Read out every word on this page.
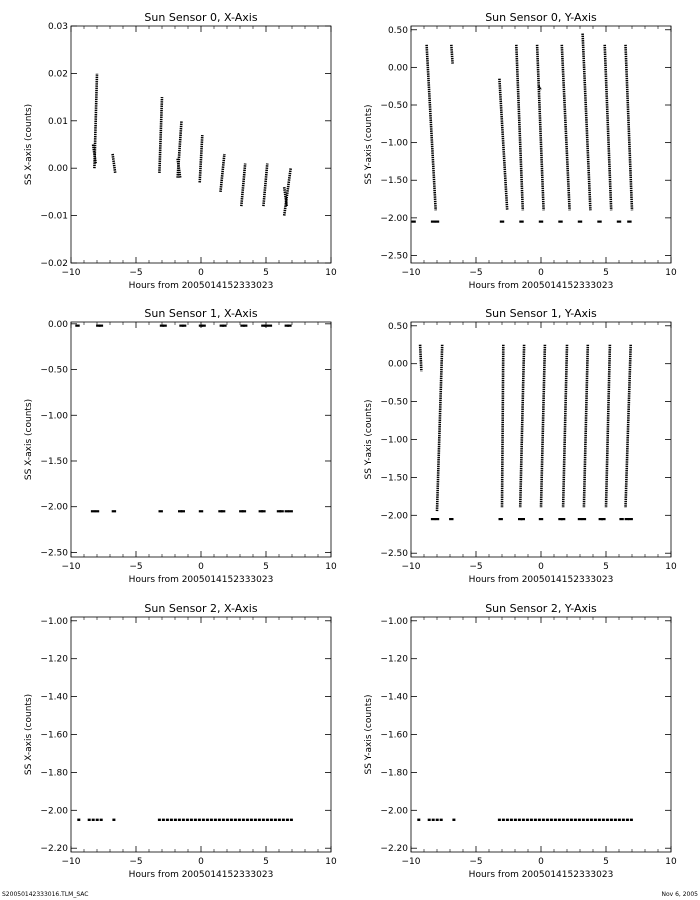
Sun Sensor 0, X-Axis
−10	−5	0	5	10
−0.02
−0.01
0.00
0.01
0.02
0.03
Hours from 2005014152333023
SS X-axis (counts)
Sun Sensor 0, Y-Axis
−10	−5	0	5	10
−2.50
−2.00
−1.50
−1.00
−0.50
0.00
0.50
Hours from 2005014152333023
SS Y-axis (counts)
Sun Sensor 1, X-Axis
−10	−5	0	5	10
−2.50
−2.00
−1.50
−1.00
−0.50
0.00
Hours from 2005014152333023
SS X-axis (counts)
Sun Sensor 1, Y-Axis
−10	−5	0	5	10
−2.50
−2.00
−1.50
−1.00
−0.50
0.00
0.50
Hours from 2005014152333023
SS Y-axis (counts)
Sun Sensor 2, X-Axis
−10	−5	0	5	10
−2.20
−2.00
−1.80
−1.60
−1.40
−1.20
−1.00
Hours from 2005014152333023
SS X-axis (counts)
Sun Sensor 2, Y-Axis
−10	−5	0	5	10
−2.20
−2.00
−1.80
−1.60
−1.40
−1.20
−1.00
Hours from 2005014152333023
SS Y-axis (counts)
S20050142333016.TLM_SAC	Nov 6, 2005
